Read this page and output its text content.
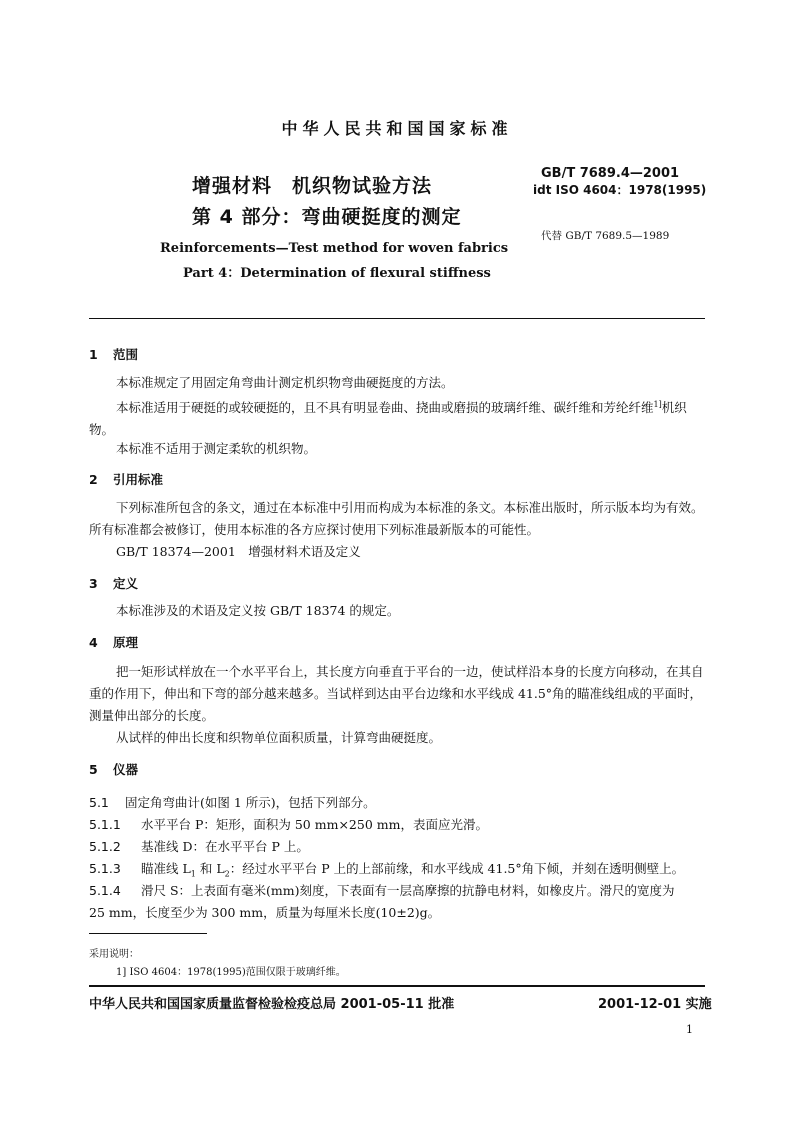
中华人民共和国国家标准
增强材料　机织物试验方法
第 4 部分：弯曲硬挺度的测定
GB/T 7689.4—2001
idt ISO 4604：1978(1995)
代替 GB/T 7689.5—1989
Reinforcements—Test method for woven fabrics
Part 4：Determination of flexural stiffness
1 范围
本标准规定了用固定角弯曲计测定机织物弯曲硬挺度的方法。
本标准适用于硬挺的或较硬挺的，且不具有明显卷曲、挠曲或磨损的玻璃纤维、碳纤维和芳纶纤维$^{1]}$机织物。
本标准不适用于测定柔软的机织物。
2 引用标准
下列标准所包含的条文，通过在本标准中引用而构成为本标准的条文。本标准出版时，所示版本均为有效。所有标准都会被修订，使用本标准的各方应探讨使用下列标准最新版本的可能性。
GB/T 18374—2001　增强材料术语及定义
3 定义
本标准涉及的术语及定义按 GB/T 18374 的规定。
4 原理
把一矩形试样放在一个水平平台上，其长度方向垂直于平台的一边，使试样沿本身的长度方向移动，在其自重的作用下，伸出和下弯的部分越来越多。当试样到达由平台边缘和水平线成 41.5°角的瞄准线组成的平面时，测量伸出部分的长度。
从试样的伸出长度和织物单位面积质量，计算弯曲硬挺度。
5 仪器
5.1 固定角弯曲计(如图 1 所示)，包括下列部分。
5.1.1 水平平台 P：矩形，面积为 50 mm×250 mm，表面应光滑。
5.1.2 基准线 D：在水平平台 P 上。
5.1.3 瞄准线 $L_1$ 和 $L_2$：经过水平平台 P 上的上部前缘，和水平线成 41.5°角下倾，并刻在透明侧壁上。
5.1.4 滑尺 S：上表面有毫米(mm)刻度，下表面有一层高摩擦的抗静电材料，如橡皮片。滑尺的宽度为
25 mm，长度至少为 300 mm，质量为每厘米长度(10±2)g。
采用说明：
1] ISO 4604：1978(1995)范围仅限于玻璃纤维。
中华人民共和国国家质量监督检验检疫总局 2001-05-11 批准	2001-12-01 实施
1
